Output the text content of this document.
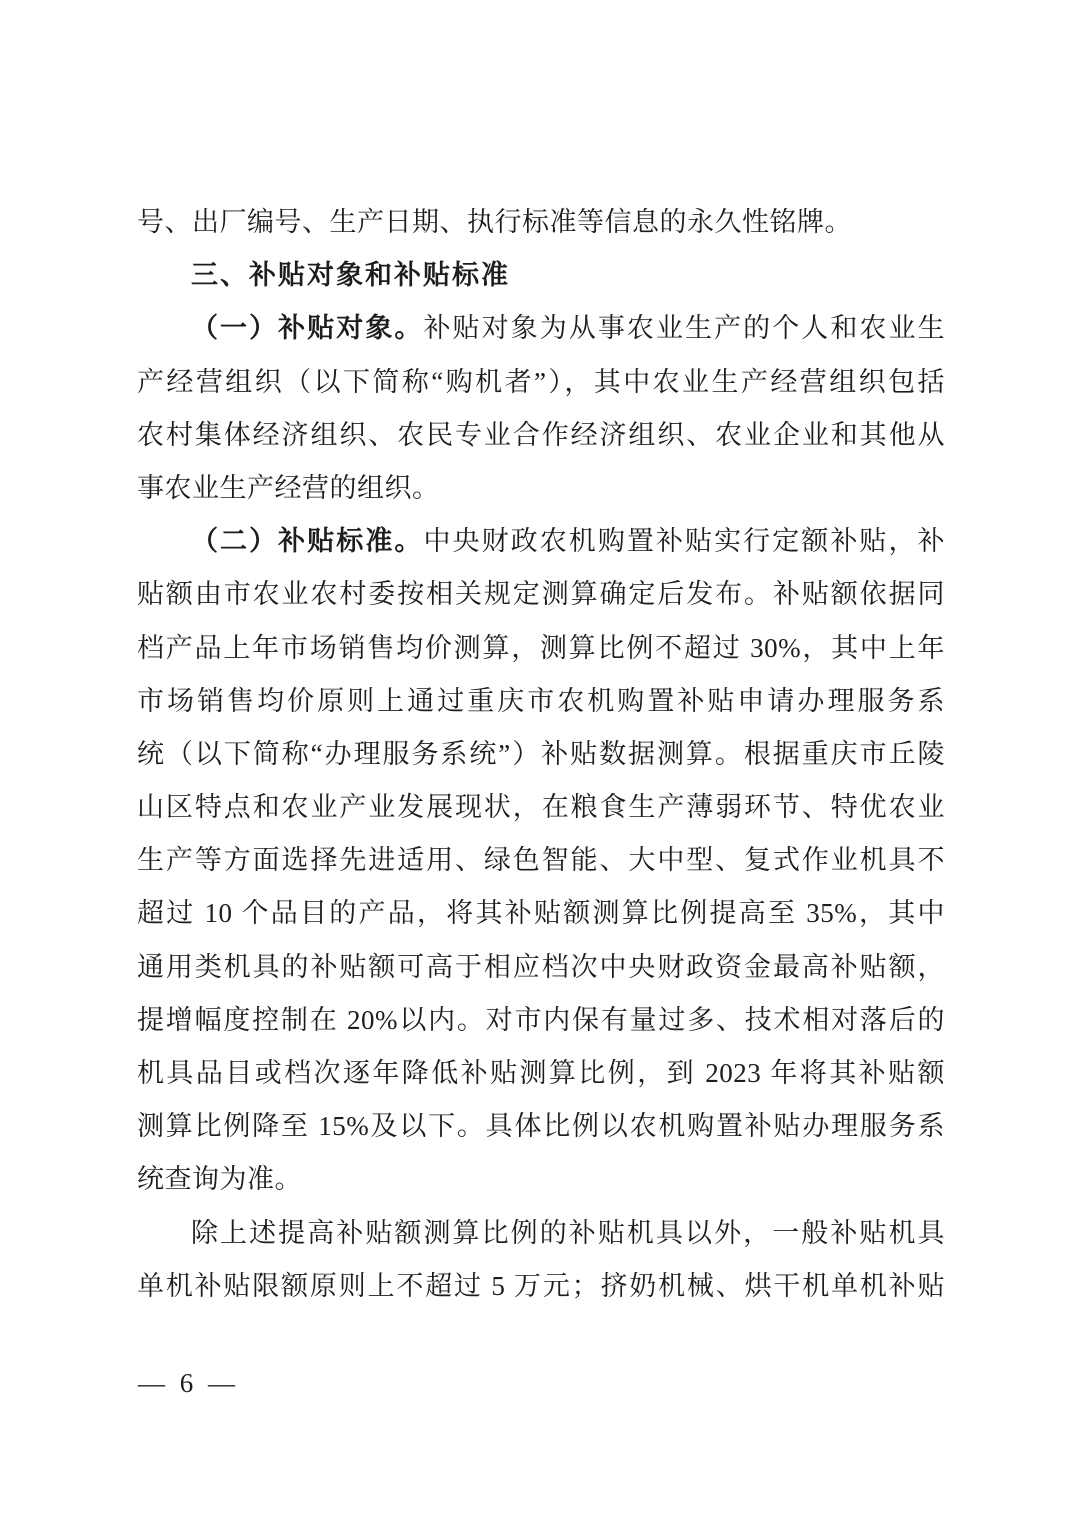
号、出厂编号、生产日期、执行标准等信息的永久性铭牌。
三、补贴对象和补贴标准
（一）补贴对象。补贴对象为从事农业生产的个人和农业生
产经营组织（以下简称“购机者”），其中农业生产经营组织包括
农村集体经济组织、农民专业合作经济组织、农业企业和其他从
事农业生产经营的组织。
（二）补贴标准。中央财政农机购置补贴实行定额补贴，补
贴额由市农业农村委按相关规定测算确定后发布。补贴额依据同
档产品上年市场销售均价测算，测算比例不超过 30%，其中上年
市场销售均价原则上通过重庆市农机购置补贴申请办理服务系
统（以下简称“办理服务系统”）补贴数据测算。根据重庆市丘陵
山区特点和农业产业发展现状，在粮食生产薄弱环节、特优农业
生产等方面选择先进适用、绿色智能、大中型、复式作业机具不
超过 10 个品目的产品，将其补贴额测算比例提高至 35%，其中
通用类机具的补贴额可高于相应档次中央财政资金最高补贴额，
提增幅度控制在 20%以内。对市内保有量过多、技术相对落后的
机具品目或档次逐年降低补贴测算比例，到 2023 年将其补贴额
测算比例降至 15%及以下。具体比例以农机购置补贴办理服务系
统查询为准。
除上述提高补贴额测算比例的补贴机具以外，一般补贴机具
单机补贴限额原则上不超过 5 万元；挤奶机械、烘干机单机补贴
— 6 —
